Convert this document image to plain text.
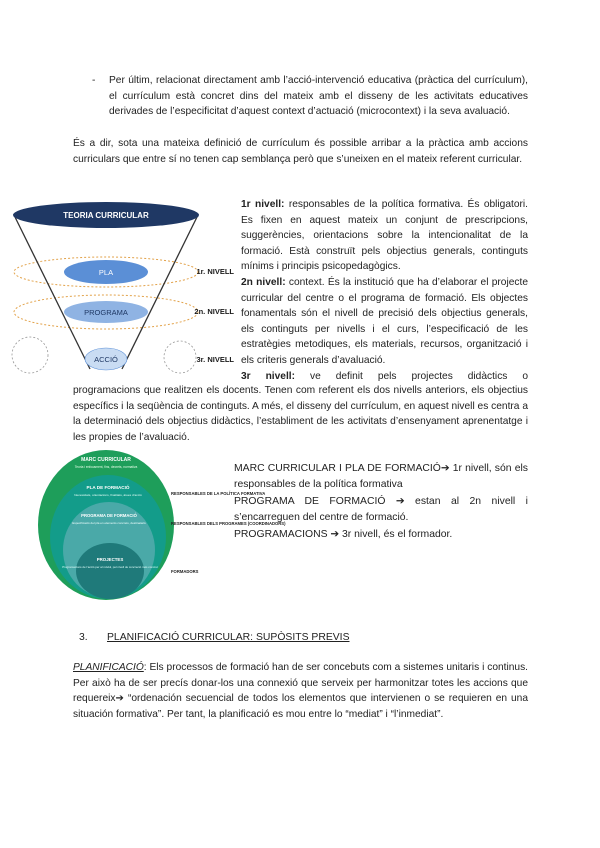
- Per últim, relacionat directament amb l’acció-intervenció educativa (pràctica del currículum), el currículum està concret dins del mateix amb el disseny de les activitats educatives derivades de l’especificitat d’aquest context d’actuació (microcontext) i la seva avaluació.

És a dir, sota una mateixa definició de currículum és possible arribar a la pràctica amb accions curriculars que entre sí no tenen cap semblança però que s’uneixen en el mateix referent curricular.

TEORIA CURRICULAR
PLA
PROGRAMA
ACCIÓ
1r. NIVELL
2n. NIVELL
3r. NIVELL

1r nivell: responsables de la política formativa. És obligatori. Es fixen en aquest mateix un conjunt de prescripcions, suggerències, orientacions sobre la intencionalitat de la formació. Està construït pels objectius generals, continguts mínims i principis psicopedagògics.

2n nivell: context. És la institució que ha d’elaborar el projecte curricular del centre o el programa de formació. Els objectes fonamentals són el nivell de precisió dels objectius generals, els continguts per nivells i el curs, l’especificació de les estratègies metodiques, els materials, recursos, organització i els criteris generals d’avaluació.

3r nivell: ve definit pels projectes didàctics o

programacions que realitzen els docents. Tenen com referent els dos nivells anteriors, els objectius específics i la seqüència de continguts. A més, el disseny del currículum, en aquest nivell es centra a la determinació dels objectius didàctics, l’establiment de les activitats d’ensenyament aprenentatge i les propies de l’avaluació.

MARC CURRICULAR
Teoria i enfocament, fins, decrets, normativa
PLA DE FORMACIÓ
Necessitats, orientacions, finalitats, àrees d’acció
PROGRAMA DE FORMACIÓ
Especificació del pla en elements concrets, destinataris
PROJECTES
Programacions de l’acció per al mòdul, pel nivell de concreció més concret
RESPONSABLES DE LA POLÍTICA FORMATIVA
RESPONSABLES DELS PROGRAMES (COORDINADORS)
FORMADORS

MARC CURRICULAR I PLA DE FORMACIÓ➔ 1r nivell, són els responsables de la política formativa

PROGRAMA DE FORMACIÓ ➔ estan al 2n nivell i s’encarreguen del centre de formació.

PROGRAMACIONS ➔ 3r nivell, és el formador.

3. PLANIFICACIÓ CURRICULAR: SUPÒSITS PREVIS

PLANIFICACIÓ: Els processos de formació han de ser concebuts com a sistemes unitaris i continus. Per això ha de ser precís donar-los una connexió que serveix per harmonitzar totes les accions que requereix➔ “ordenación secuencial de todos los elementos que intervienen o se requieren en una situación formativa”. Per tant, la planificació es mou entre lo “mediat” i “l’inmediat”.
